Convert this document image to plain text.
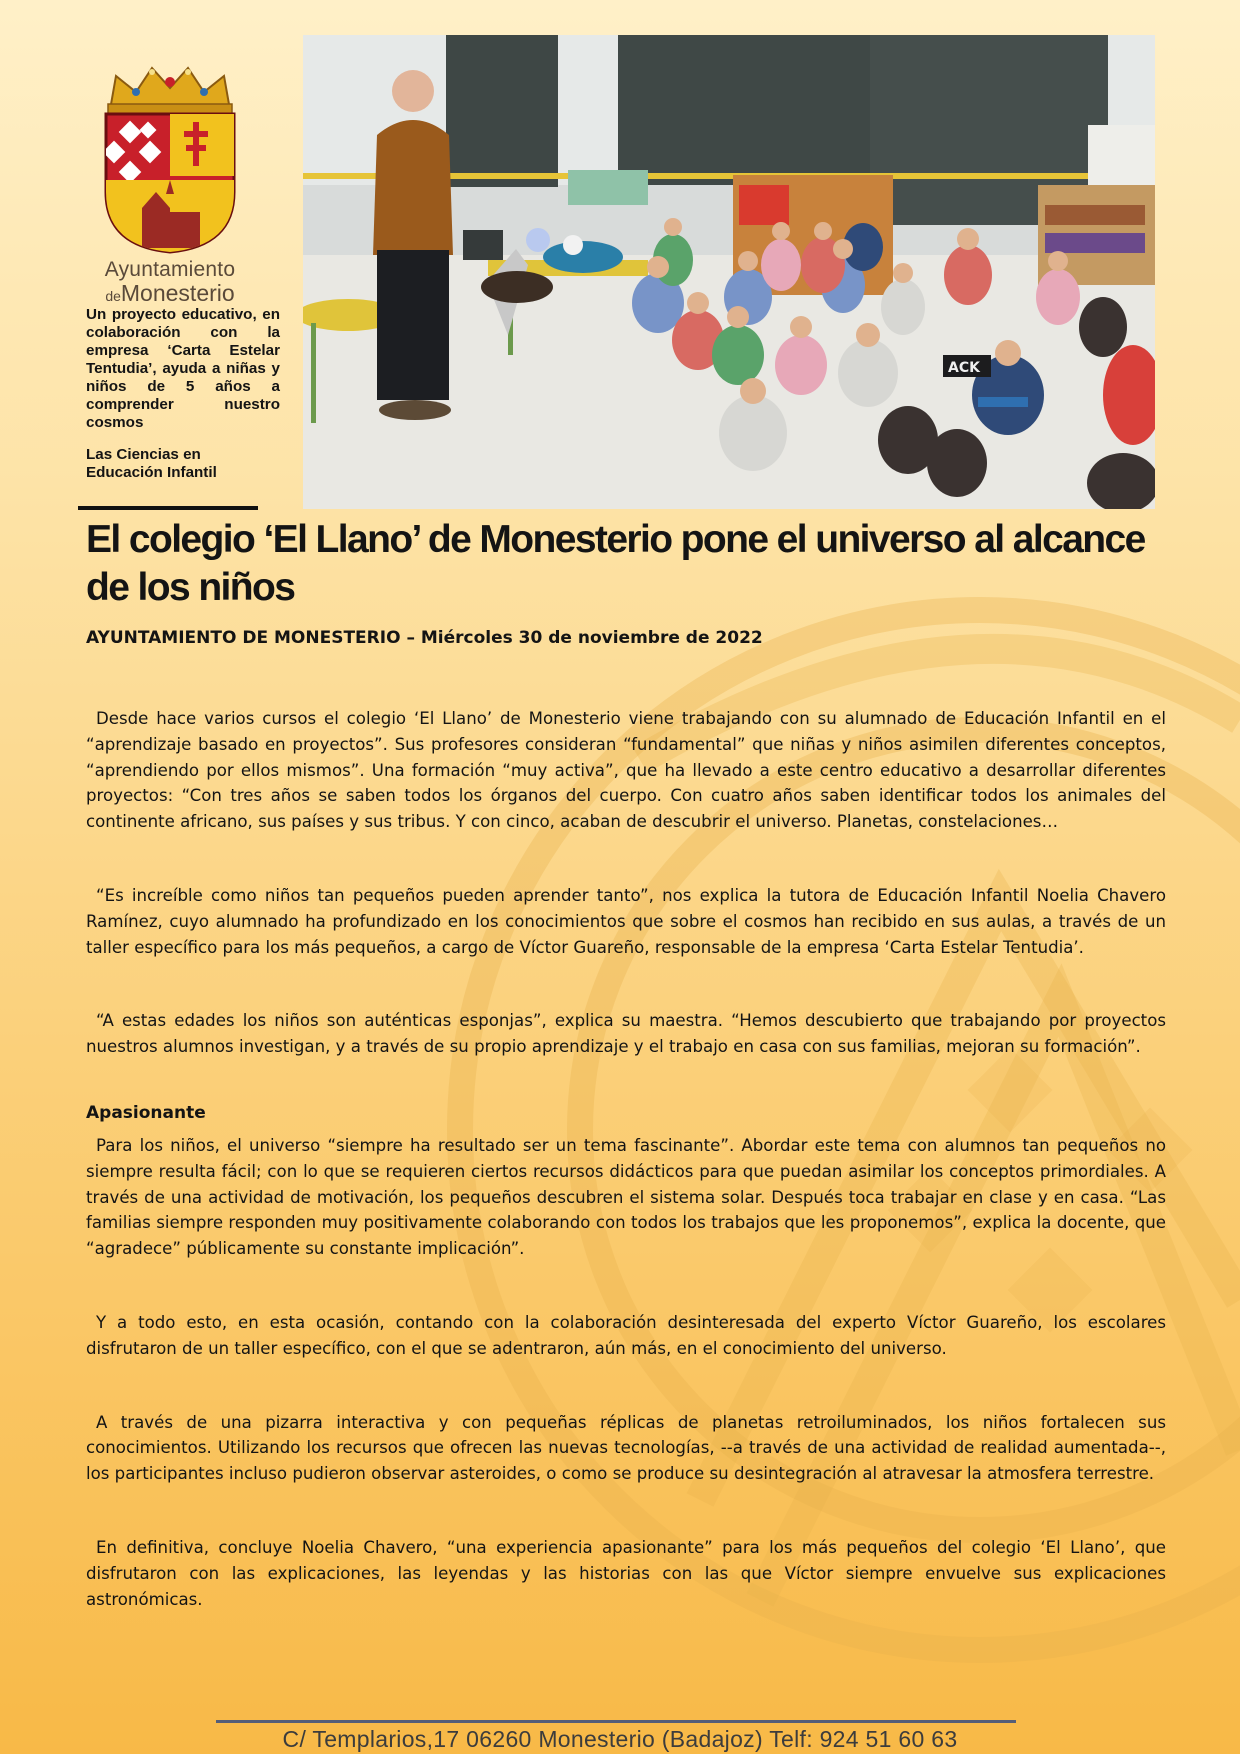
Ayuntamiento
deMonesterio

Un proyecto educativo, en colaboración con la empresa ‘Carta Estelar Tentudia’, ayuda a niñas y niños de 5 años a comprender nuestro cosmos

Las Ciencias en Educación Infantil

ACK
El colegio ‘El Llano’ de Monesterio pone el universo al alcance de los niños

AYUNTAMIENTO DE MONESTERIO – Miércoles 30 de noviembre de 2022

Desde hace varios cursos el colegio ‘El Llano’ de Monesterio viene trabajando con su alumnado de Educación Infantil en el “aprendizaje basado en proyectos”. Sus profesores consideran “fundamental” que niñas y niños asimilen diferentes conceptos, “aprendiendo por ellos mismos”. Una formación “muy activa”, que ha llevado a este centro educativo a desarrollar diferentes proyectos: “Con tres años se saben todos los órganos del cuerpo. Con cuatro años saben identificar todos los animales del continente africano, sus países y sus tribus. Y con cinco, acaban de descubrir el universo. Planetas, constelaciones…

“Es increíble como niños tan pequeños pueden aprender tanto”, nos explica la tutora de Educación Infantil Noelia Chavero Ramínez, cuyo alumnado ha profundizado en los conocimientos que sobre el cosmos han recibido en sus aulas, a través de un taller específico para los más pequeños, a cargo de Víctor Guareño, responsable de la empresa ‘Carta Estelar Tentudia’.

“A estas edades los niños son auténticas esponjas”, explica su maestra. “Hemos descubierto que trabajando por proyectos nuestros alumnos investigan, y a través de su propio aprendizaje y el trabajo en casa con sus familias, mejoran su formación”.

Apasionante

Para los niños, el universo “siempre ha resultado ser un tema fascinante”. Abordar este tema con alumnos tan pequeños no siempre resulta fácil; con lo que se requieren ciertos recursos didácticos para que puedan asimilar los conceptos primordiales. A través de una actividad de motivación, los pequeños descubren el sistema solar. Después toca trabajar en clase y en casa. “Las familias siempre responden muy positivamente colaborando con todos los trabajos que les proponemos”, explica la docente, que “agradece” públicamente su constante implicación”.

Y a todo esto, en esta ocasión, contando con la colaboración desinteresada del experto Víctor Guareño, los escolares disfrutaron de un taller específico, con el que se adentraron, aún más, en el conocimiento del universo.

A través de una pizarra interactiva y con pequeñas réplicas de planetas retroiluminados, los niños fortalecen sus conocimientos. Utilizando los recursos que ofrecen las nuevas tecnologías, --a través de una actividad de realidad aumentada--, los participantes incluso pudieron observar asteroides, o como se produce su desintegración al atravesar la atmosfera terrestre.

En definitiva, concluye Noelia Chavero, “una experiencia apasionante” para los más pequeños del colegio ‘El Llano’, que disfrutaron con las explicaciones, las leyendas y las historias con las que Víctor siempre envuelve sus explicaciones astronómicas.

C/ Templarios,17 06260 Monesterio (Badajoz) Telf: 924 51 60 63
